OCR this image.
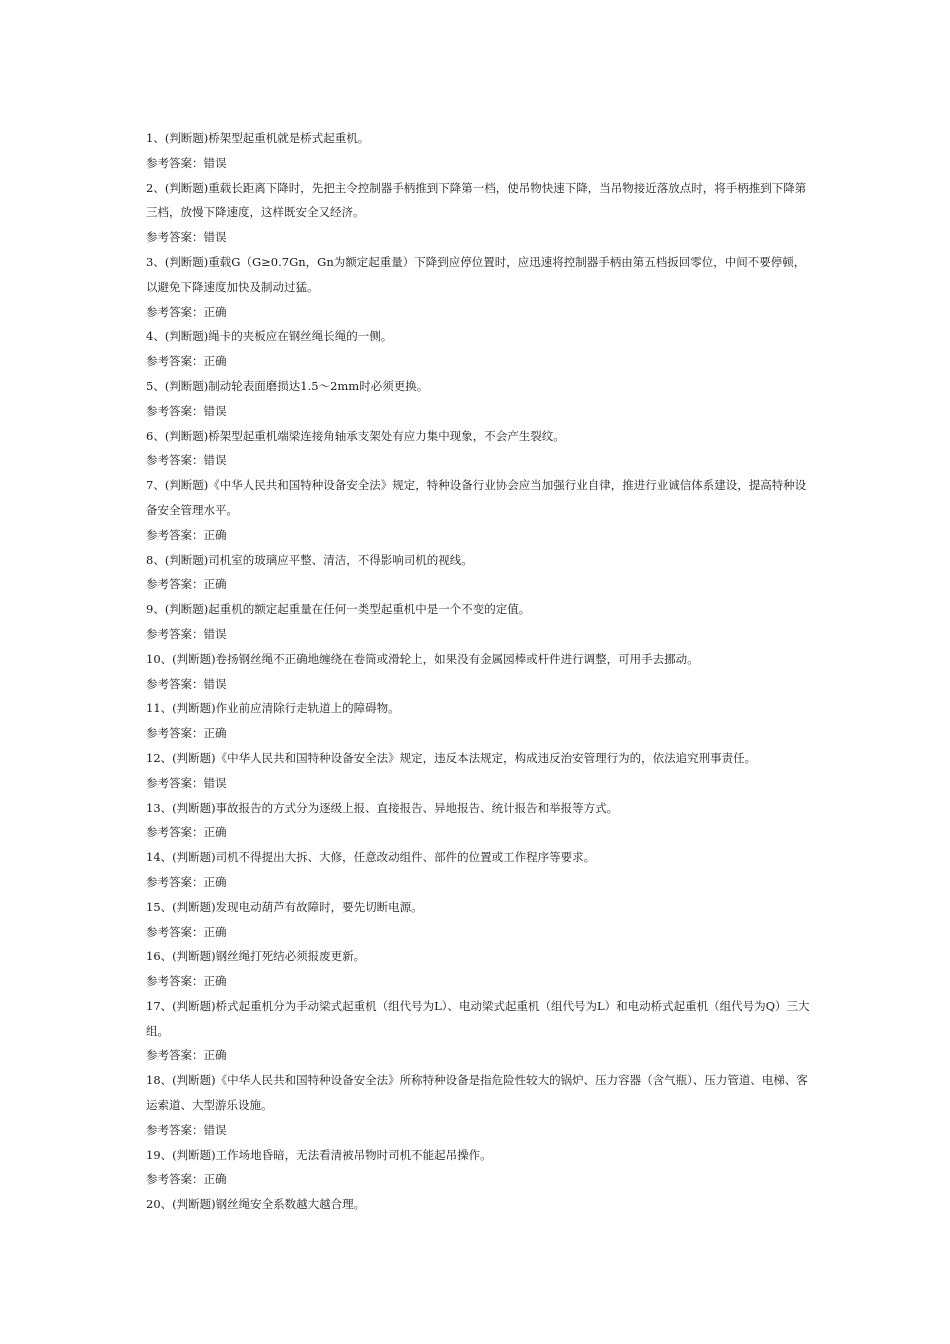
1、(判断题)桥架型起重机就是桥式起重机。

参考答案：错误

2、(判断题)重载长距离下降时，先把主令控制器手柄推到下降第一档，使吊物快速下降，当吊物接近落放点时，将手柄推到下降第三档，放慢下降速度，这样既安全又经济。

参考答案：错误

3、(判断题)重载G（G≥0.7Gn，Gn为额定起重量）下降到应停位置时，应迅速将控制器手柄由第五档扳回零位，中间不要停顿，以避免下降速度加快及制动过猛。

参考答案：正确

4、(判断题)绳卡的夹板应在钢丝绳长绳的一侧。

参考答案：正确

5、(判断题)制动轮表面磨损达1.5～2mm时必须更换。

参考答案：错误

6、(判断题)桥架型起重机端梁连接角轴承支架处有应力集中现象，不会产生裂纹。

参考答案：错误

7、(判断题)《中华人民共和国特种设备安全法》规定，特种设备行业协会应当加强行业自律，推进行业诚信体系建设，提高特种设备安全管理水平。

参考答案：正确

8、(判断题)司机室的玻璃应平整、清洁，不得影响司机的视线。

参考答案：正确

9、(判断题)起重机的额定起重量在任何一类型起重机中是一个不变的定值。

参考答案：错误

10、(判断题)卷扬钢丝绳不正确地缠绕在卷筒或滑轮上，如果没有金属园棒或杆件进行调整，可用手去挪动。

参考答案：错误

11、(判断题)作业前应清除行走轨道上的障碍物。

参考答案：正确

12、(判断题)《中华人民共和国特种设备安全法》规定，违反本法规定，构成违反治安管理行为的，依法追究刑事责任。

参考答案：错误

13、(判断题)事故报告的方式分为逐级上报、直接报告、异地报告、统计报告和举报等方式。

参考答案：正确

14、(判断题)司机不得提出大拆、大修，任意改动组件、部件的位置或工作程序等要求。

参考答案：正确

15、(判断题)发现电动葫芦有故障时，要先切断电源。

参考答案：正确

16、(判断题)钢丝绳打死结必须报废更新。

参考答案：正确

17、(判断题)桥式起重机分为手动梁式起重机（组代号为L）、电动梁式起重机（组代号为L）和电动桥式起重机（组代号为Q）三大组。

参考答案：正确

18、(判断题)《中华人民共和国特种设备安全法》所称特种设备是指危险性较大的锅炉、压力容器（含气瓶）、压力管道、电梯、客运索道、大型游乐设施。

参考答案：错误

19、(判断题)工作场地昏暗，无法看清被吊物时司机不能起吊操作。

参考答案：正确

20、(判断题)钢丝绳安全系数越大越合理。
